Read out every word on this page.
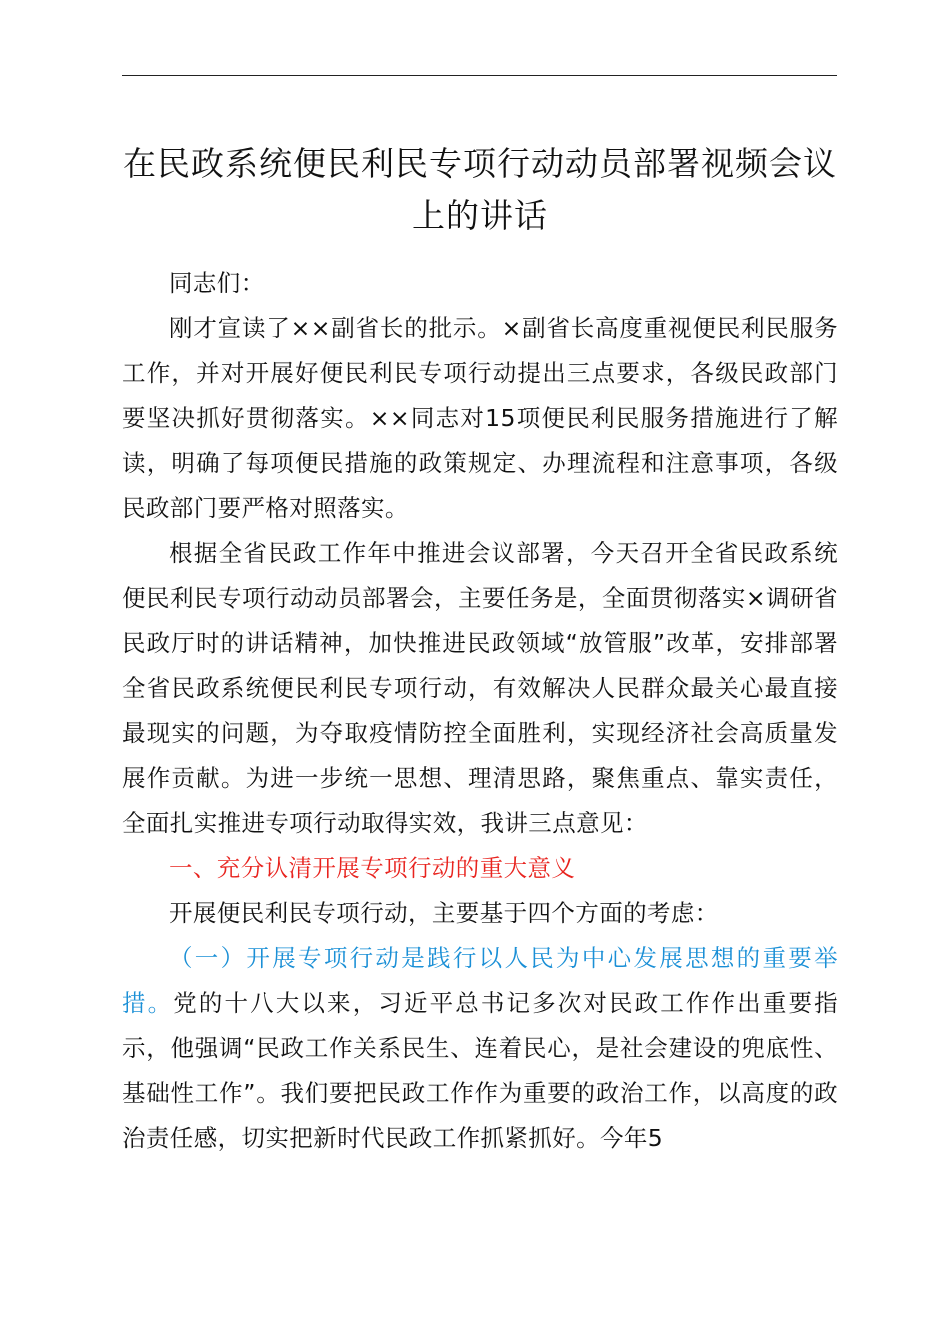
在民政系统便民利民专项行动动员部署视频会议上的讲话

同志们：

刚才宣读了××副省长的批示。×副省长高度重视便民利民服务工作，并对开展好便民利民专项行动提出三点要求，各级民政部门要坚决抓好贯彻落实。××同志对15项便民利民服务措施进行了解读，明确了每项便民措施的政策规定、办理流程和注意事项，各级民政部门要严格对照落实。

根据全省民政工作年中推进会议部署，今天召开全省民政系统便民利民专项行动动员部署会，主要任务是，全面贯彻落实×调研省民政厅时的讲话精神，加快推进民政领域“放管服”改革，安排部署全省民政系统便民利民专项行动，有效解决人民群众最关心最直接最现实的问题，为夺取疫情防控全面胜利，实现经济社会高质量发展作贡献。为进一步统一思想、理清思路，聚焦重点、靠实责任，全面扎实推进专项行动取得实效，我讲三点意见：

一、充分认清开展专项行动的重大意义

开展便民利民专项行动，主要基于四个方面的考虑：

（一）开展专项行动是践行以人民为中心发展思想的重要举措。党的十八大以来，习近平总书记多次对民政工作作出重要指示，他强调“民政工作关系民生、连着民心，是社会建设的兜底性、基础性工作”。我们要把民政工作作为重要的政治工作，以高度的政治责任感，切实把新时代民政工作抓紧抓好。今年5
